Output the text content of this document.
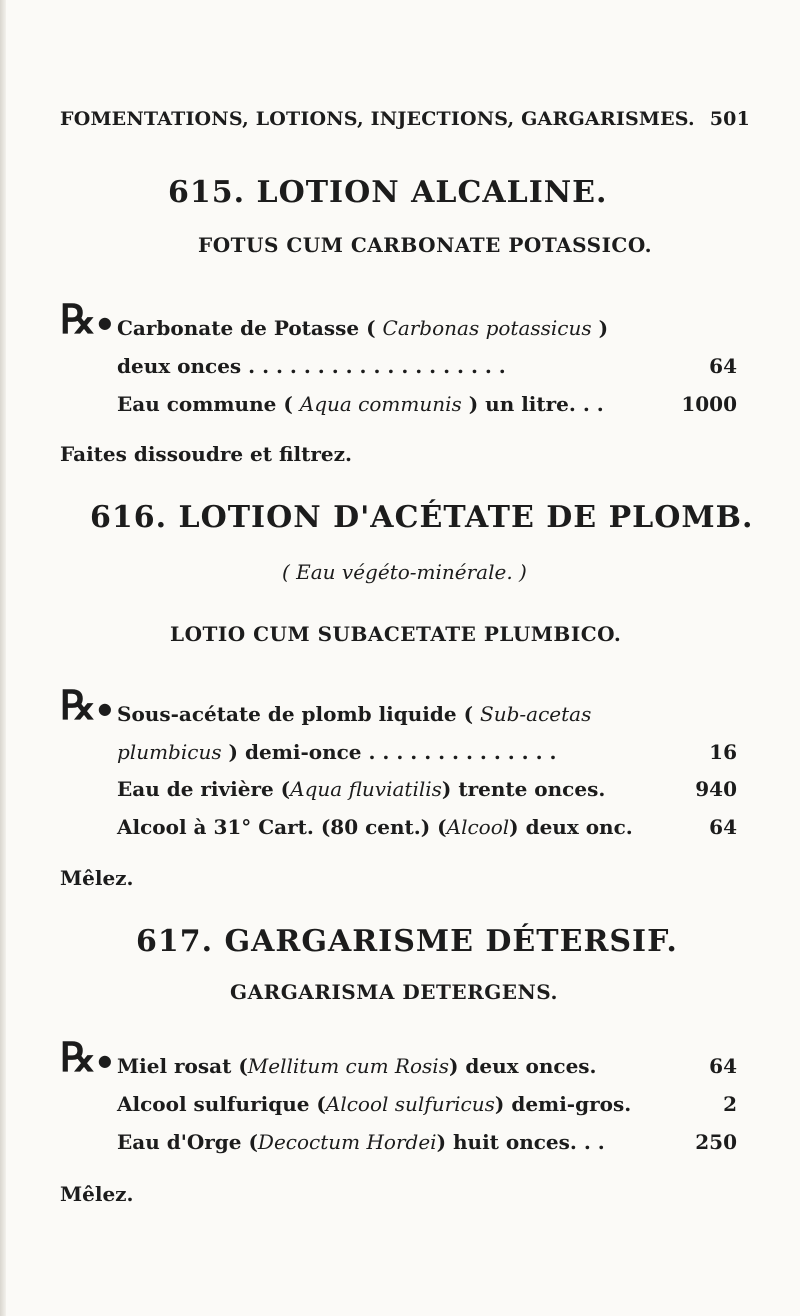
FOMENTATIONS, LOTIONS, INJECTIONS, GARGARISMES. 501
615. LOTION ALCALINE.
FOTUS CUM CARBONATE POTASSICO.
℞ ● Carbonate de Potasse ( Carbonas potassicus )
deux onces . . . . . . . . . . . . . . . . . . .	64
Eau commune ( Aqua communis ) un litre. . .	1000
Faites dissoudre et filtrez.
616. LOTION D'ACÉTATE DE PLOMB.
( Eau végéto-minérale. )
LOTIO CUM SUBACETATE PLUMBICO.
℞ ● Sous-acétate de plomb liquide ( Sub-acetas
plumbicus ) demi-once . . . . . . . . . . . . . .	16
Eau de rivière (Aqua fluviatilis) trente onces.	940
Alcool à 31° Cart. (80 cent.) (Alcool) deux onc.	64
Mêlez.
617. GARGARISME DÉTERSIF.
GARGARISMA DETERGENS.
℞ ● Miel rosat (Mellitum cum Rosis) deux onces.	64
Alcool sulfurique (Alcool sulfuricus) demi-gros.	2
Eau d'Orge (Decoctum Hordei) huit onces. . .	250
Mêlez.
